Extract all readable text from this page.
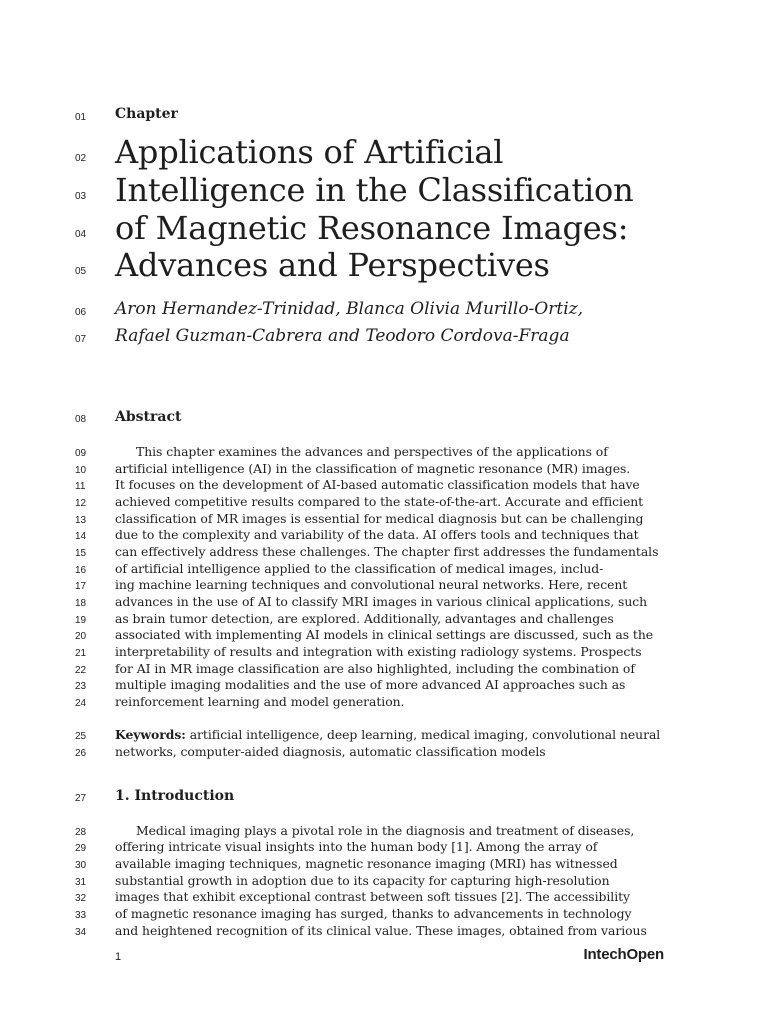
01
02
03
04
05
06
07
08
09
10
11
12
13
14
15
16
17
18
19
20
21
22
23
24
25
26
27
28
29
30
31
32
33
34
Chapter
Applications of Artificial
Intelligence in the Classification
of Magnetic Resonance Images:
Advances and Perspectives
Aron Hernandez-Trinidad, Blanca Olivia Murillo-Ortiz,
Rafael Guzman-Cabrera and Teodoro Cordova-Fraga
Abstract
This chapter examines the advances and perspectives of the applications of
artificial intelligence (AI) in the classification of magnetic resonance (MR) images.
It focuses on the development of AI-based automatic classification models that have
achieved competitive results compared to the state-of-the-art. Accurate and efficient
classification of MR images is essential for medical diagnosis but can be challenging
due to the complexity and variability of the data. AI offers tools and techniques that
can effectively address these challenges. The chapter first addresses the fundamentals
of artificial intelligence applied to the classification of medical images, includ-
ing machine learning techniques and convolutional neural networks. Here, recent
advances in the use of AI to classify MRI images in various clinical applications, such
as brain tumor detection, are explored. Additionally, advantages and challenges
associated with implementing AI models in clinical settings are discussed, such as the
interpretability of results and integration with existing radiology systems. Prospects
for AI in MR image classification are also highlighted, including the combination of
multiple imaging modalities and the use of more advanced AI approaches such as
reinforcement learning and model generation.
Keywords: artificial intelligence, deep learning, medical imaging, convolutional neural
networks, computer-aided diagnosis, automatic classification models
1. Introduction
Medical imaging plays a pivotal role in the diagnosis and treatment of diseases,
offering intricate visual insights into the human body [1]. Among the array of
available imaging techniques, magnetic resonance imaging (MRI) has witnessed
substantial growth in adoption due to its capacity for capturing high-resolution
images that exhibit exceptional contrast between soft tissues [2]. The accessibility
of magnetic resonance imaging has surged, thanks to advancements in technology
and heightened recognition of its clinical value. These images, obtained from various
1	IntechOpen
